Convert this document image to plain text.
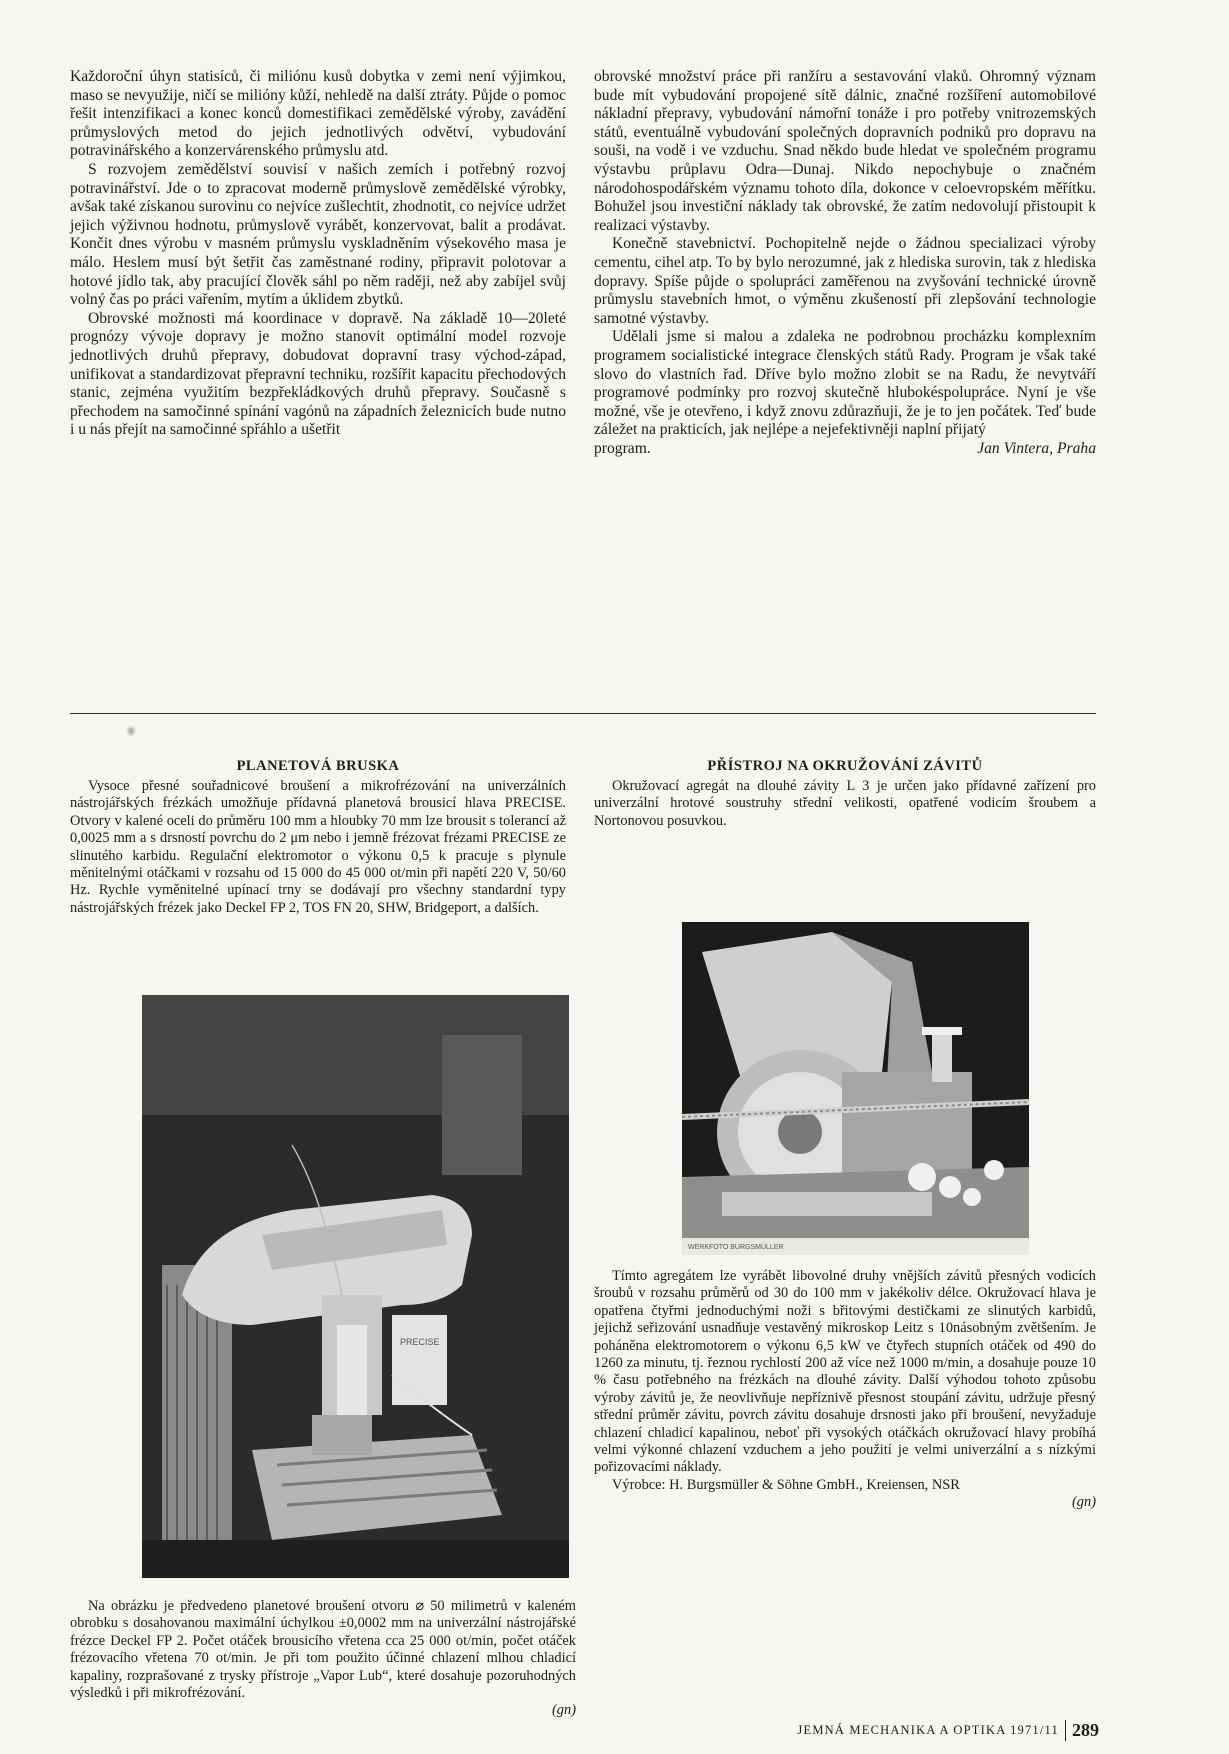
Každoroční úhyn statisíců, či miliónu kusů dobytka v zemi není výjimkou, maso se nevyužije, ničí se milióny kůží, nehledě na další ztráty. Půjde o pomoc řešit intenzifikaci a konec konců domestifikaci zemědělské výroby, zavádění průmyslových metod do jejich jednotlivých odvětví, vybudování potravinářského a konzervárenského průmyslu atd.

S rozvojem zemědělství souvisí v našich zemích i potřebný rozvoj potravinářství. Jde o to zpracovat moderně průmyslově zemědělské výrobky, avšak také získanou surovinu co nejvíce zušlechtit, zhodnotit, co nejvíce udržet jejich výživnou hodnotu, průmyslově vyrábět, konzervovat, balit a prodávat. Končit dnes výrobu v masném průmyslu vyskladněním výsekového masa je málo. Heslem musí být šetřit čas zaměstnané rodiny, připravit polotovar a hotové jídlo tak, aby pracující člověk sáhl po něm raději, než aby zabíjel svůj volný čas po práci vařením, mytím a úklidem zbytků.

Obrovské možnosti má koordinace v dopravě. Na základě 10—20leté prognózy vývoje dopravy je možno stanovit optimální model rozvoje jednotlivých druhů přepravy, dobudovat dopravní trasy východ-západ, unifikovat a standardizovat přepravní techniku, rozšířit kapacitu přechodových stanic, zejména využitím bezpřekládkových druhů přepravy. Současně s přechodem na samočinné spínání vagónů na západních železnicích bude nutno i u nás přejít na samočinné spřáhlo a ušetřit

obrovské množství práce při ranžíru a sestavování vlaků. Ohromný význam bude mít vybudování propojené sítě dálnic, značné rozšíření automobilové nákladní přepravy, vybudování námořní tonáže i pro potřeby vnitrozemských států, eventuálně vybudování společných dopravních podniků pro dopravu na souši, na vodě i ve vzduchu. Snad někdo bude hledat ve společném programu výstavbu průplavu Odra—Dunaj. Nikdo nepochybuje o značném národohospodářském významu tohoto díla, dokonce v celoevropském měřítku. Bohužel jsou investiční náklady tak obrovské, že zatím nedovolují přistoupit k realizaci výstavby.

Konečně stavebnictví. Pochopitelně nejde o žádnou specializaci výroby cementu, cihel atp. To by bylo nerozumné, jak z hlediska surovin, tak z hlediska dopravy. Spíše půjde o spolupráci zaměřenou na zvyšování technické úrovně průmyslu stavebních hmot, o výměnu zkušeností při zlepšování technologie samotné výstavby.

Udělali jsme si malou a zdaleka ne podrobnou procházku komplexním programem socialistické integrace členských států Rady. Program je však také slovo do vlastních řad. Dříve bylo možno zlobit se na Radu, že nevytváří programové podmínky pro rozvoj skutečně hlubokéspolupráce. Nyní je vše možné, vše je otevřeno, i když znovu zdůrazňuji, že je to jen počátek. Teď bude záležet na prakticích, jak nejlépe a nejefektivněji naplní přijatý

program.	Jan Vintera, Praha
PLANETOVÁ BRUSKA	PŘÍSTROJ NA OKRUŽOVÁNÍ ZÁVITŮ

Vysoce přesné souřadnicové broušení a mikrofrézování na univerzálních nástrojářských frézkách umožňuje přídavná planetová brousicí hlava PRECISE. Otvory v kalené oceli do průměru 100 mm a hloubky 70 mm lze brousit s tolerancí až 0,0025 mm a s drsností povrchu do 2 μm nebo i jemně frézovat frézami PRECISE ze slinutého karbidu. Regulační elektromotor o výkonu 0,5 k pracuje s plynule měnitelnými otáčkami v rozsahu od 15 000 do 45 000 ot/min při napětí 220 V, 50/60 Hz. Rychle vyměnitelné upínací trny se dodávají pro všechny standardní typy nástrojářských frézek jako Deckel FP 2, TOS FN 20, SHW, Bridgeport, a dalších.

Okružovací agregát na dlouhé závity L 3 je určen jako přídavné zařízení pro univerzální hrotové soustruhy střední velikosti, opatřené vodicím šroubem a Nortonovou posuvkou.

PRECISE

Na obrázku je předvedeno planetové broušení otvoru ⌀ 50 milimetrů v kaleném obrobku s dosahovanou maximální úchylkou ±0,0002 mm na univerzální nástrojářské frézce Deckel FP 2. Počet otáček brousicího vřetena cca 25 000 ot/min, počet otáček frézovacího vřetena 70 ot/min. Je při tom použito účinné chlazení mlhou chladicí kapaliny, rozprašované z trysky přístroje „Vapor Lub“, které dosahuje pozoruhodných výsledků i při mikrofrézování.

(gn)
WERKFOTO BURGSMÜLLER

Tímto agregátem lze vyrábět libovolné druhy vnějších závitů přesných vodicích šroubů v rozsahu průměrů od 30 do 100 mm v jakékoliv délce. Okružovací hlava je opatřena čtyřmi jednoduchými noži s břitovými destičkami ze slinutých karbidů, jejichž seřizování usnadňuje vestavěný mikroskop Leitz s 10násobným zvětšením. Je poháněna elektromotorem o výkonu 6,5 kW ve čtyřech stupních otáček od 490 do 1260 za minutu, tj. řeznou rychlostí 200 až více než 1000 m/min, a dosahuje pouze 10 % času potřebného na frézkách na dlouhé závity. Další výhodou tohoto způsobu výroby závitů je, že neovlivňuje nepříznivě přesnost stoupání závitu, udržuje přesný střední průměr závitu, povrch závitu dosahuje drsnosti jako při broušení, nevyžaduje chlazení chladicí kapalinou, neboť při vysokých otáčkách okružovací hlavy probíhá velmi výkonné chlazení vzduchem a jeho použití je velmi univerzální a s nízkými pořizovacími náklady.

Výrobce: H. Burgsmüller & Söhne GmbH., Kreiensen, NSR

(gn)
JEMNÁ MECHANIKA A OPTIKA 1971/11 289
